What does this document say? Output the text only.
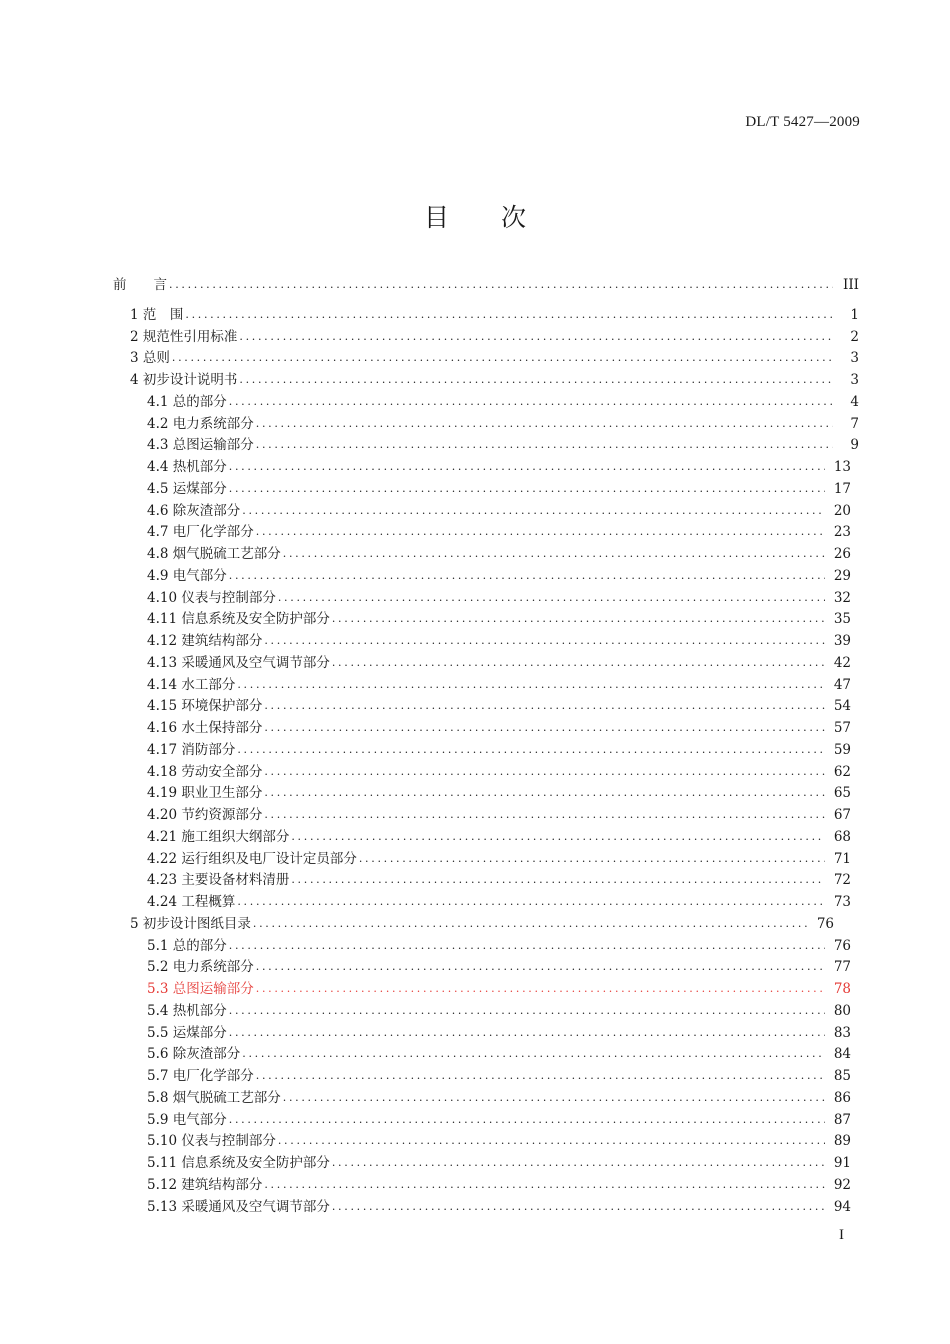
DL/T 5427—2009
目次
前　　言 . . .	III
1 范　围 . . .	1
2 规范性引用标准 . . .	2
3 总则 . . .	3
4 初步设计说明书 . . .	3
4.1 总的部分 . . .	4
4.2 电力系统部分 . . .	7
4.3 总图运输部分 . . .	9
4.4 热机部分 . . .	13
4.5 运煤部分 . . .	17
4.6 除灰渣部分 . . .	20
4.7 电厂化学部分 . . .	23
4.8 烟气脱硫工艺部分 . . .	26
4.9 电气部分 . . .	29
4.10 仪表与控制部分 . . .	32
4.11 信息系统及安全防护部分 . . .	35
4.12 建筑结构部分 . . .	39
4.13 采暖通风及空气调节部分 . . .	42
4.14 水工部分 . . .	47
4.15 环境保护部分 . . .	54
4.16 水土保持部分 . . .	57
4.17 消防部分 . . .	59
4.18 劳动安全部分 . . .	62
4.19 职业卫生部分 . . .	65
4.20 节约资源部分 . . .	67
4.21 施工组织大纲部分 . . .	68
4.22 运行组织及电厂设计定员部分 . . .	71
4.23 主要设备材料清册 . . .	72
4.24 工程概算 . . .	73
5 初步设计图纸目录 . . .	76
5.1 总的部分 . . .	76
5.2 电力系统部分 . . .	77
5.3 总图运输部分 . . .	78
5.4 热机部分 . . .	80
5.5 运煤部分 . . .	83
5.6 除灰渣部分 . . .	84
5.7 电厂化学部分 . . .	85
5.8 烟气脱硫工艺部分 . . .	86
5.9 电气部分 . . .	87
5.10 仪表与控制部分 . . .	89
5.11 信息系统及安全防护部分 . . .	91
5.12 建筑结构部分 . . .	92
5.13 采暖通风及空气调节部分 . . .	94
I
